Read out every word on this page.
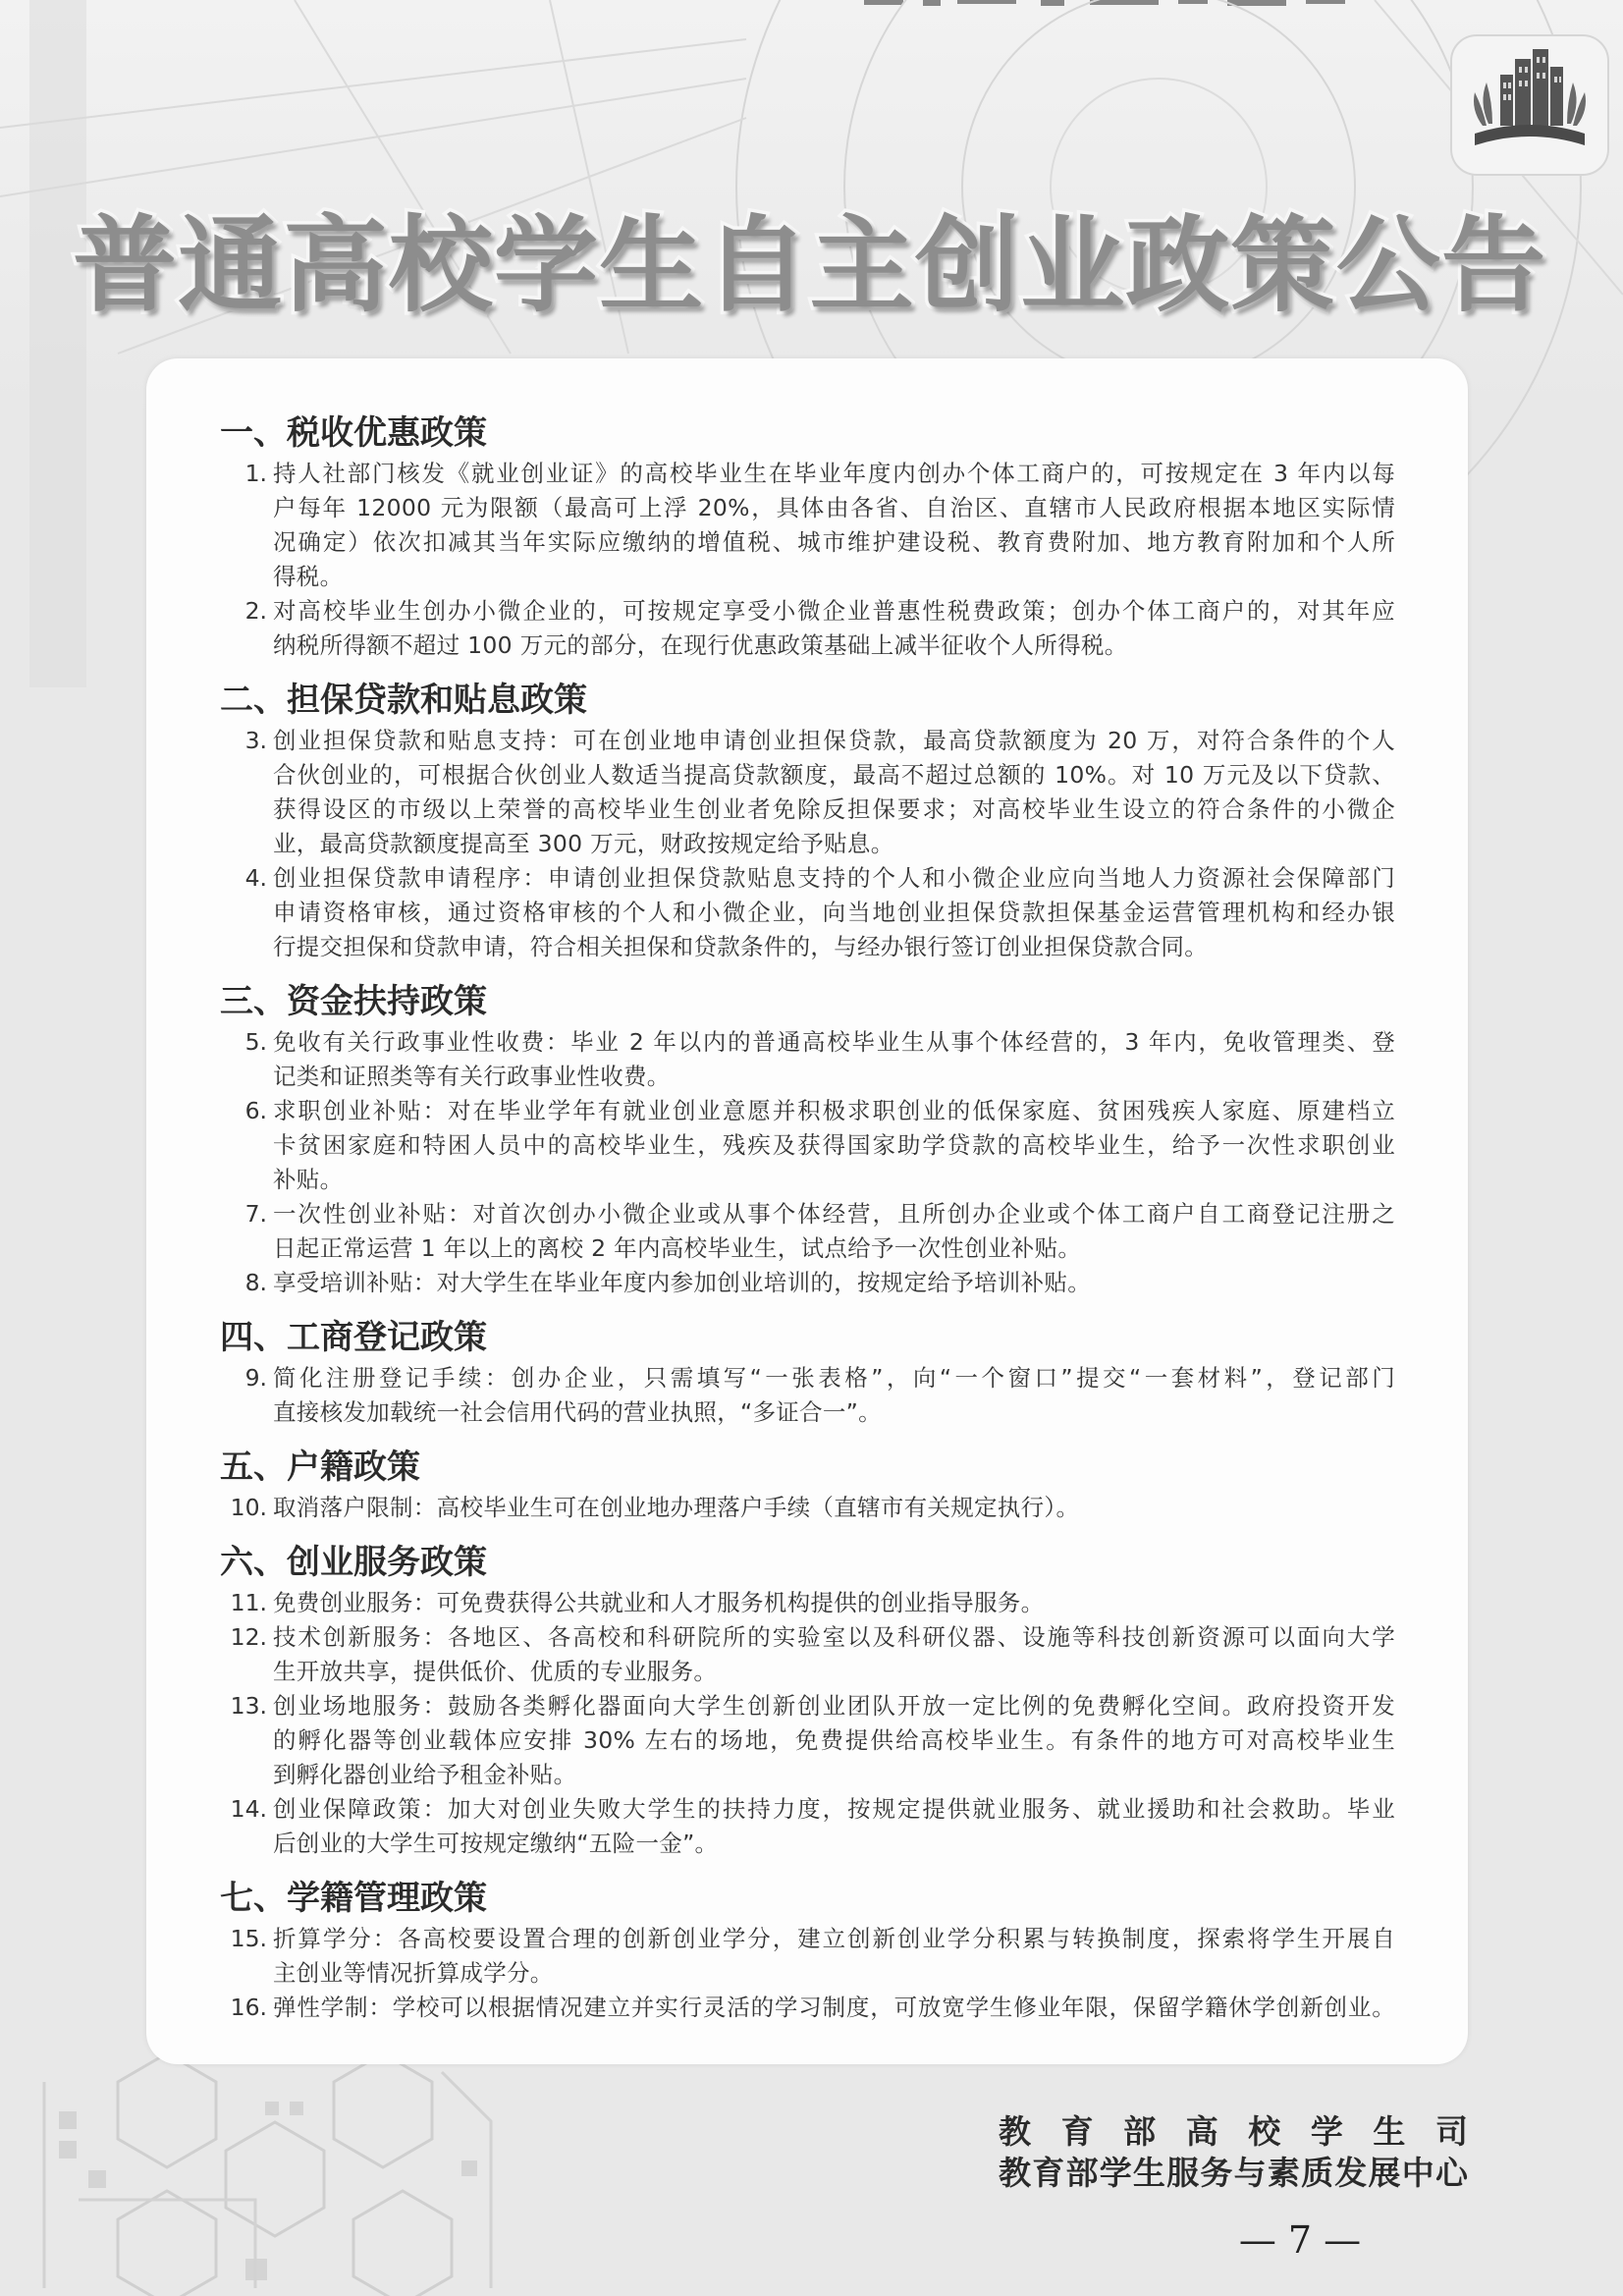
普通高校学生自主创业政策公告
一、税收优惠政策
1. 持人社部门核发《就业创业证》的高校毕业生在毕业年度内创办个体工商户的，可按规定在 3 年内以每
户每年 12000 元为限额（最高可上浮 20%，具体由各省、自治区、直辖市人民政府根据本地区实际情
况确定）依次扣减其当年实际应缴纳的增值税、城市维护建设税、教育费附加、地方教育附加和个人所
得税。
2. 对高校毕业生创办小微企业的，可按规定享受小微企业普惠性税费政策；创办个体工商户的，对其年应
纳税所得额不超过 100 万元的部分，在现行优惠政策基础上减半征收个人所得税。
二、担保贷款和贴息政策
3. 创业担保贷款和贴息支持：可在创业地申请创业担保贷款，最高贷款额度为 20 万，对符合条件的个人
合伙创业的，可根据合伙创业人数适当提高贷款额度，最高不超过总额的 10%。对 10 万元及以下贷款、
获得设区的市级以上荣誉的高校毕业生创业者免除反担保要求；对高校毕业生设立的符合条件的小微企
业，最高贷款额度提高至 300 万元，财政按规定给予贴息。
4. 创业担保贷款申请程序：申请创业担保贷款贴息支持的个人和小微企业应向当地人力资源社会保障部门
申请资格审核，通过资格审核的个人和小微企业，向当地创业担保贷款担保基金运营管理机构和经办银
行提交担保和贷款申请，符合相关担保和贷款条件的，与经办银行签订创业担保贷款合同。
三、资金扶持政策
5. 免收有关行政事业性收费：毕业 2 年以内的普通高校毕业生从事个体经营的，3 年内，免收管理类、登
记类和证照类等有关行政事业性收费。
6. 求职创业补贴：对在毕业学年有就业创业意愿并积极求职创业的低保家庭、贫困残疾人家庭、原建档立
卡贫困家庭和特困人员中的高校毕业生，残疾及获得国家助学贷款的高校毕业生，给予一次性求职创业
补贴。
7. 一次性创业补贴：对首次创办小微企业或从事个体经营，且所创办企业或个体工商户自工商登记注册之
日起正常运营 1 年以上的离校 2 年内高校毕业生，试点给予一次性创业补贴。
8. 享受培训补贴：对大学生在毕业年度内参加创业培训的，按规定给予培训补贴。
四、工商登记政策
9. 简化注册登记手续：创办企业，只需填写“一张表格”，向“一个窗口”提交“一套材料”，登记部门
直接核发加载统一社会信用代码的营业执照，“多证合一”。
五、户籍政策
10. 取消落户限制：高校毕业生可在创业地办理落户手续（直辖市有关规定执行）。
六、创业服务政策
11. 免费创业服务：可免费获得公共就业和人才服务机构提供的创业指导服务。
12. 技术创新服务：各地区、各高校和科研院所的实验室以及科研仪器、设施等科技创新资源可以面向大学
生开放共享，提供低价、优质的专业服务。
13. 创业场地服务：鼓励各类孵化器面向大学生创新创业团队开放一定比例的免费孵化空间。政府投资开发
的孵化器等创业载体应安排 30% 左右的场地，免费提供给高校毕业生。有条件的地方可对高校毕业生
到孵化器创业给予租金补贴。
14. 创业保障政策：加大对创业失败大学生的扶持力度，按规定提供就业服务、就业援助和社会救助。毕业
后创业的大学生可按规定缴纳“五险一金”。
七、学籍管理政策
15. 折算学分：各高校要设置合理的创新创业学分，建立创新创业学分积累与转换制度，探索将学生开展自
主创业等情况折算成学分。
16. 弹性学制：学校可以根据情况建立并实行灵活的学习制度，可放宽学生修业年限，保留学籍休学创新创业。
教育部高校学生司
教育部学生服务与素质发展中心
— 7 —
